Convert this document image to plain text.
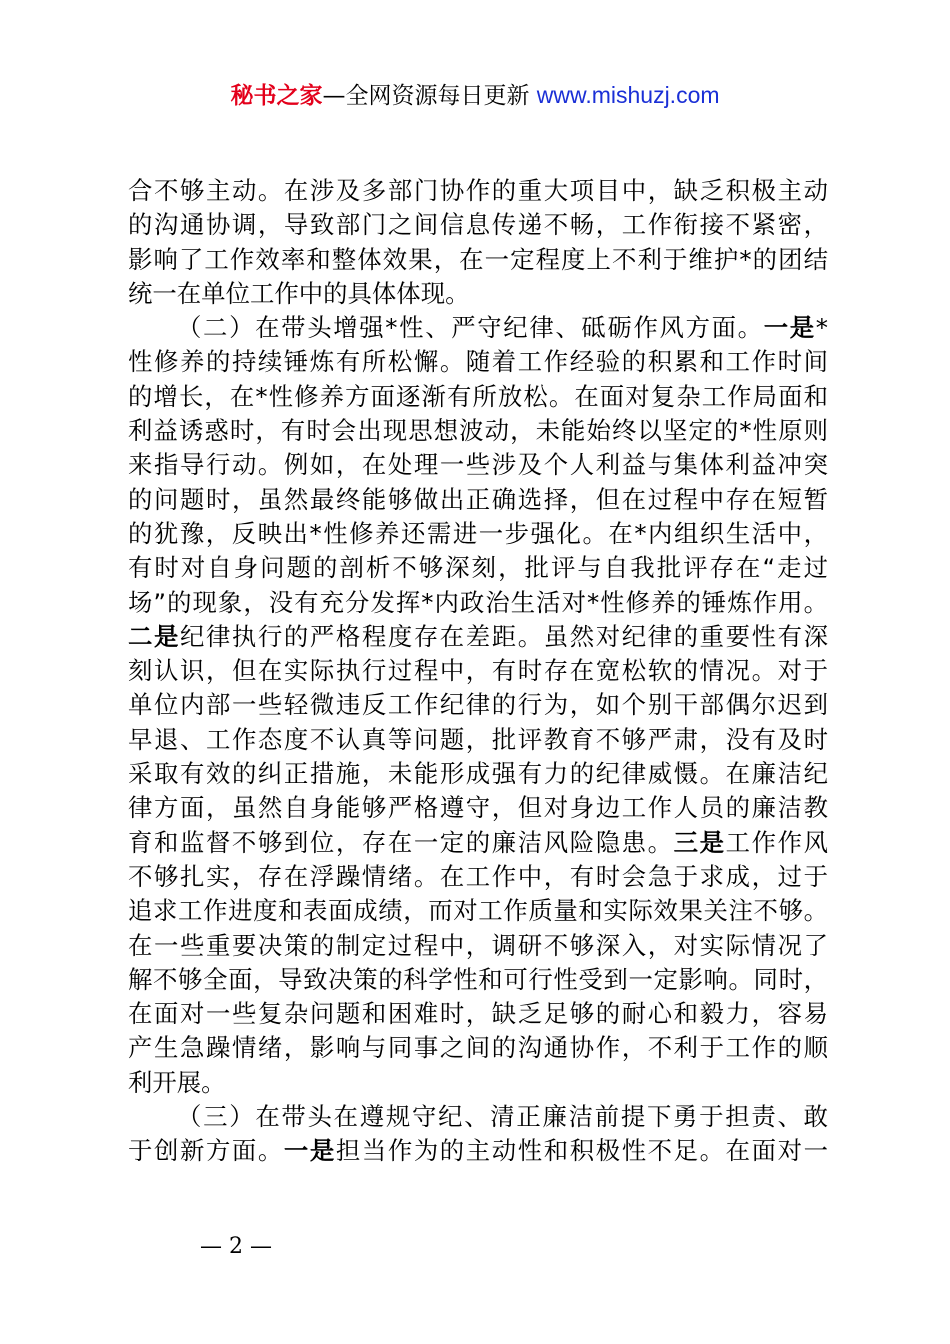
秘书之家—全网资源每日更新 www.mishuzj.com
合不够主动。在涉及多部门协作的重大项目中，缺乏积极主动
的沟通协调，导致部门之间信息传递不畅，工作衔接不紧密，
影响了工作效率和整体效果，在一定程度上不利于维护*的团结
统一在单位工作中的具体体现。
（二）在带头增强*性、严守纪律、砥砺作风方面。一是*
性修养的持续锤炼有所松懈。随着工作经验的积累和工作时间
的增长，在*性修养方面逐渐有所放松。在面对复杂工作局面和
利益诱惑时，有时会出现思想波动，未能始终以坚定的*性原则
来指导行动。例如，在处理一些涉及个人利益与集体利益冲突
的问题时，虽然最终能够做出正确选择，但在过程中存在短暂
的犹豫，反映出*性修养还需进一步强化。在*内组织生活中，
有时对自身问题的剖析不够深刻，批评与自我批评存在“走过
场”的现象，没有充分发挥*内政治生活对*性修养的锤炼作用。
二是纪律执行的严格程度存在差距。虽然对纪律的重要性有深
刻认识，但在实际执行过程中，有时存在宽松软的情况。对于
单位内部一些轻微违反工作纪律的行为，如个别干部偶尔迟到
早退、工作态度不认真等问题，批评教育不够严肃，没有及时
采取有效的纠正措施，未能形成强有力的纪律威慑。在廉洁纪
律方面，虽然自身能够严格遵守，但对身边工作人员的廉洁教
育和监督不够到位，存在一定的廉洁风险隐患。三是工作作风
不够扎实，存在浮躁情绪。在工作中，有时会急于求成，过于
追求工作进度和表面成绩，而对工作质量和实际效果关注不够。
在一些重要决策的制定过程中，调研不够深入，对实际情况了
解不够全面，导致决策的科学性和可行性受到一定影响。同时，
在面对一些复杂问题和困难时，缺乏足够的耐心和毅力，容易
产生急躁情绪，影响与同事之间的沟通协作，不利于工作的顺
利开展。
（三）在带头在遵规守纪、清正廉洁前提下勇于担责、敢
于创新方面。一是担当作为的主动性和积极性不足。在面对一
— 2 —
